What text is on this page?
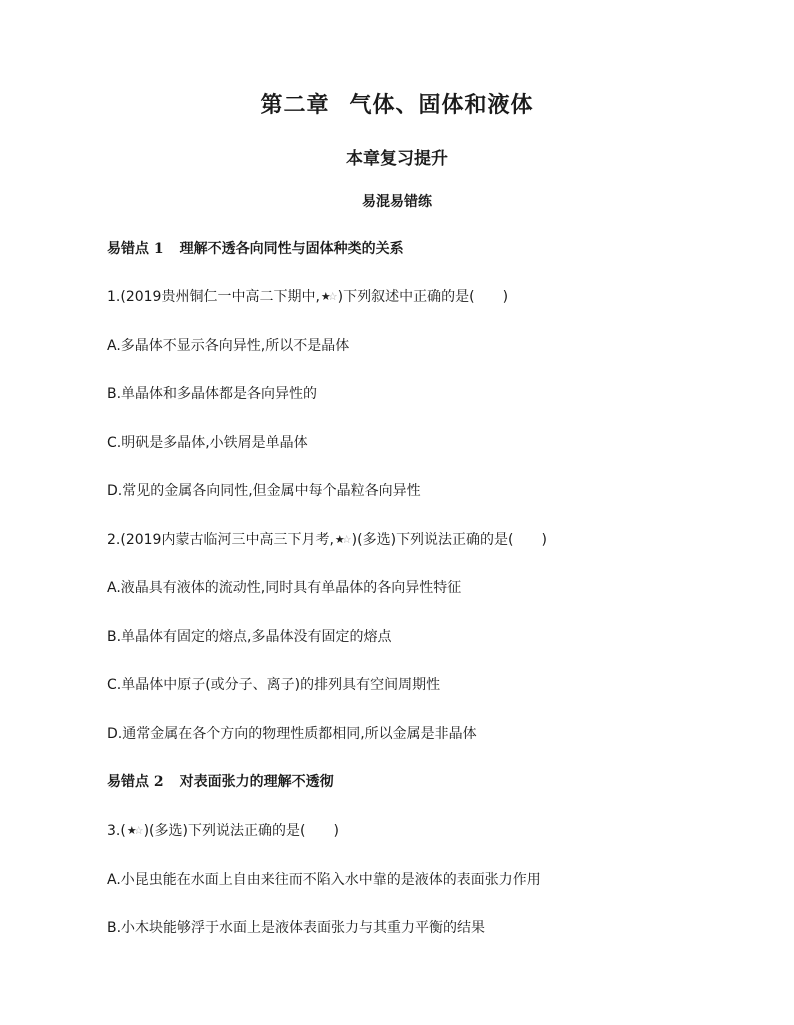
第二章 气体、固体和液体
本章复习提升
易混易错练
易错点 1 理解不透各向同性与固体种类的关系
1.(2019贵州铜仁一中高二下期中,★☆ )下列叙述中正确的是( )
A.多晶体不显示各向异性,所以不是晶体
B.单晶体和多晶体都是各向异性的
C.明矾是多晶体,小铁屑是单晶体
D.常见的金属各向同性,但金属中每个晶粒各向异性
2.(2019内蒙古临河三中高三下月考,★☆ )(多选)下列说法正确的是( )
A.液晶具有液体的流动性,同时具有单晶体的各向异性特征
B.单晶体有固定的熔点,多晶体没有固定的熔点
C.单晶体中原子(或分子、离子)的排列具有空间周期性
D.通常金属在各个方向的物理性质都相同,所以金属是非晶体
易错点 2 对表面张力的理解不透彻
3.(★☆ )(多选)下列说法正确的是( )
A.小昆虫能在水面上自由来往而不陷入水中靠的是液体的表面张力作用
B.小木块能够浮于水面上是液体表面张力与其重力平衡的结果
